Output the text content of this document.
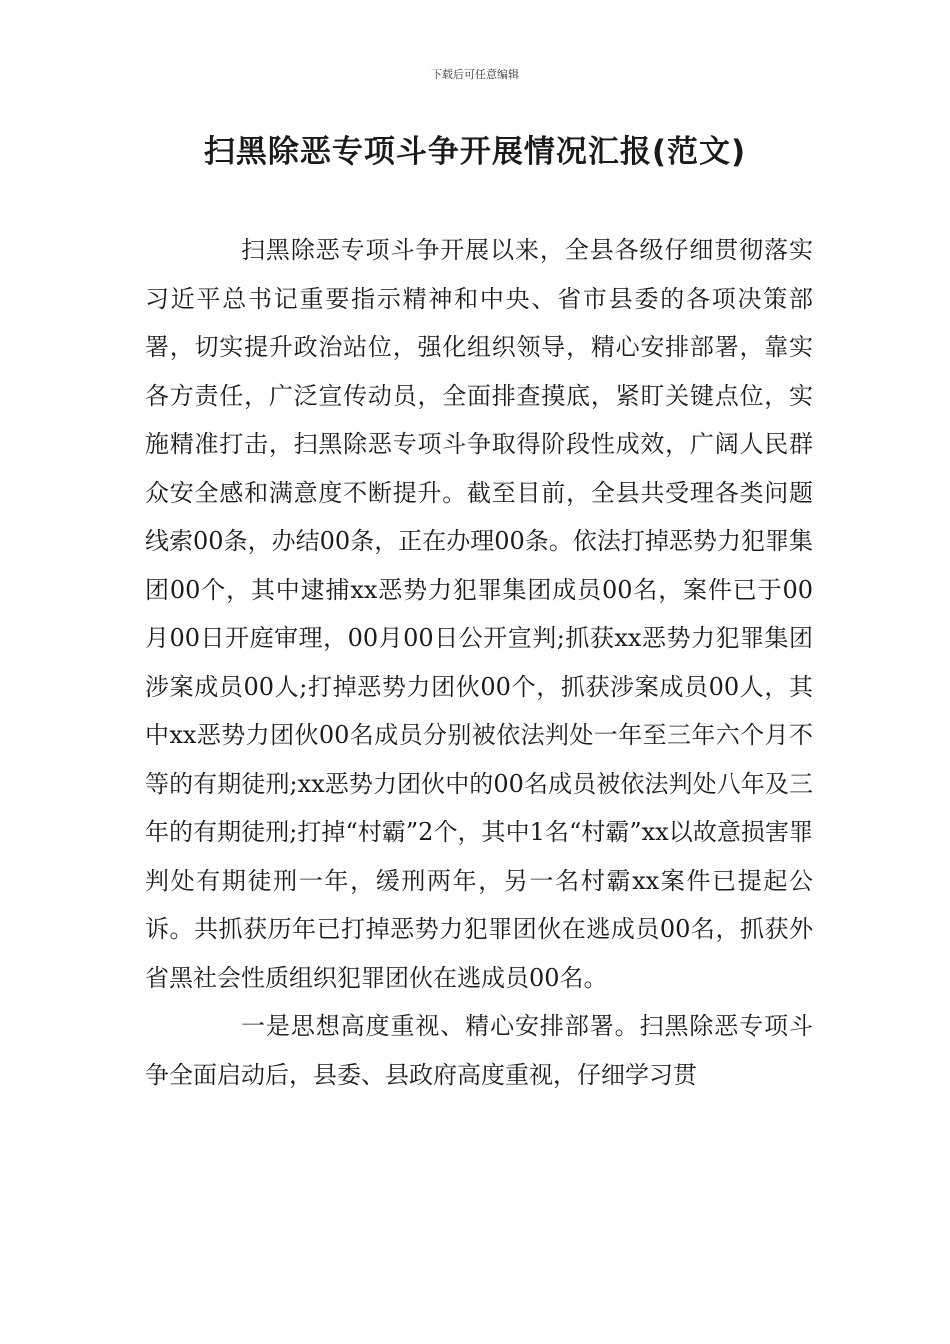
下载后可任意编辑
扫黑除恶专项斗争开展情况汇报(范文)

扫黑除恶专项斗争开展以来，全县各级仔细贯彻落实习近平总书记重要指示精神和中央、省市县委的各项决策部署，切实提升政治站位，强化组织领导，精心安排部署，靠实各方责任，广泛宣传动员，全面排查摸底，紧盯关键点位，实施精准打击，扫黑除恶专项斗争取得阶段性成效，广阔人民群众安全感和满意度不断提升。截至目前，全县共受理各类问题线索00条，办结00条，正在办理00条。依法打掉恶势力犯罪集团00个，其中逮捕xx恶势力犯罪集团成员00名，案件已于00月00日开庭审理，00月00日公开宣判;抓获xx恶势力犯罪集团涉案成员00人;打掉恶势力团伙00个，抓获涉案成员00人，其中xx恶势力团伙00名成员分别被依法判处一年至三年六个月不等的有期徒刑;xx恶势力团伙中的00名成员被依法判处八年及三年的有期徒刑;打掉“村霸”2个，其中1名“村霸”xx以故意损害罪判处有期徒刑一年，缓刑两年，另一名村霸xx案件已提起公诉。共抓获历年已打掉恶势力犯罪团伙在逃成员00名，抓获外省黑社会性质组织犯罪团伙在逃成员00名。

一是思想高度重视、精心安排部署。扫黑除恶专项斗争全面启动后，县委、县政府高度重视，仔细学习贯
